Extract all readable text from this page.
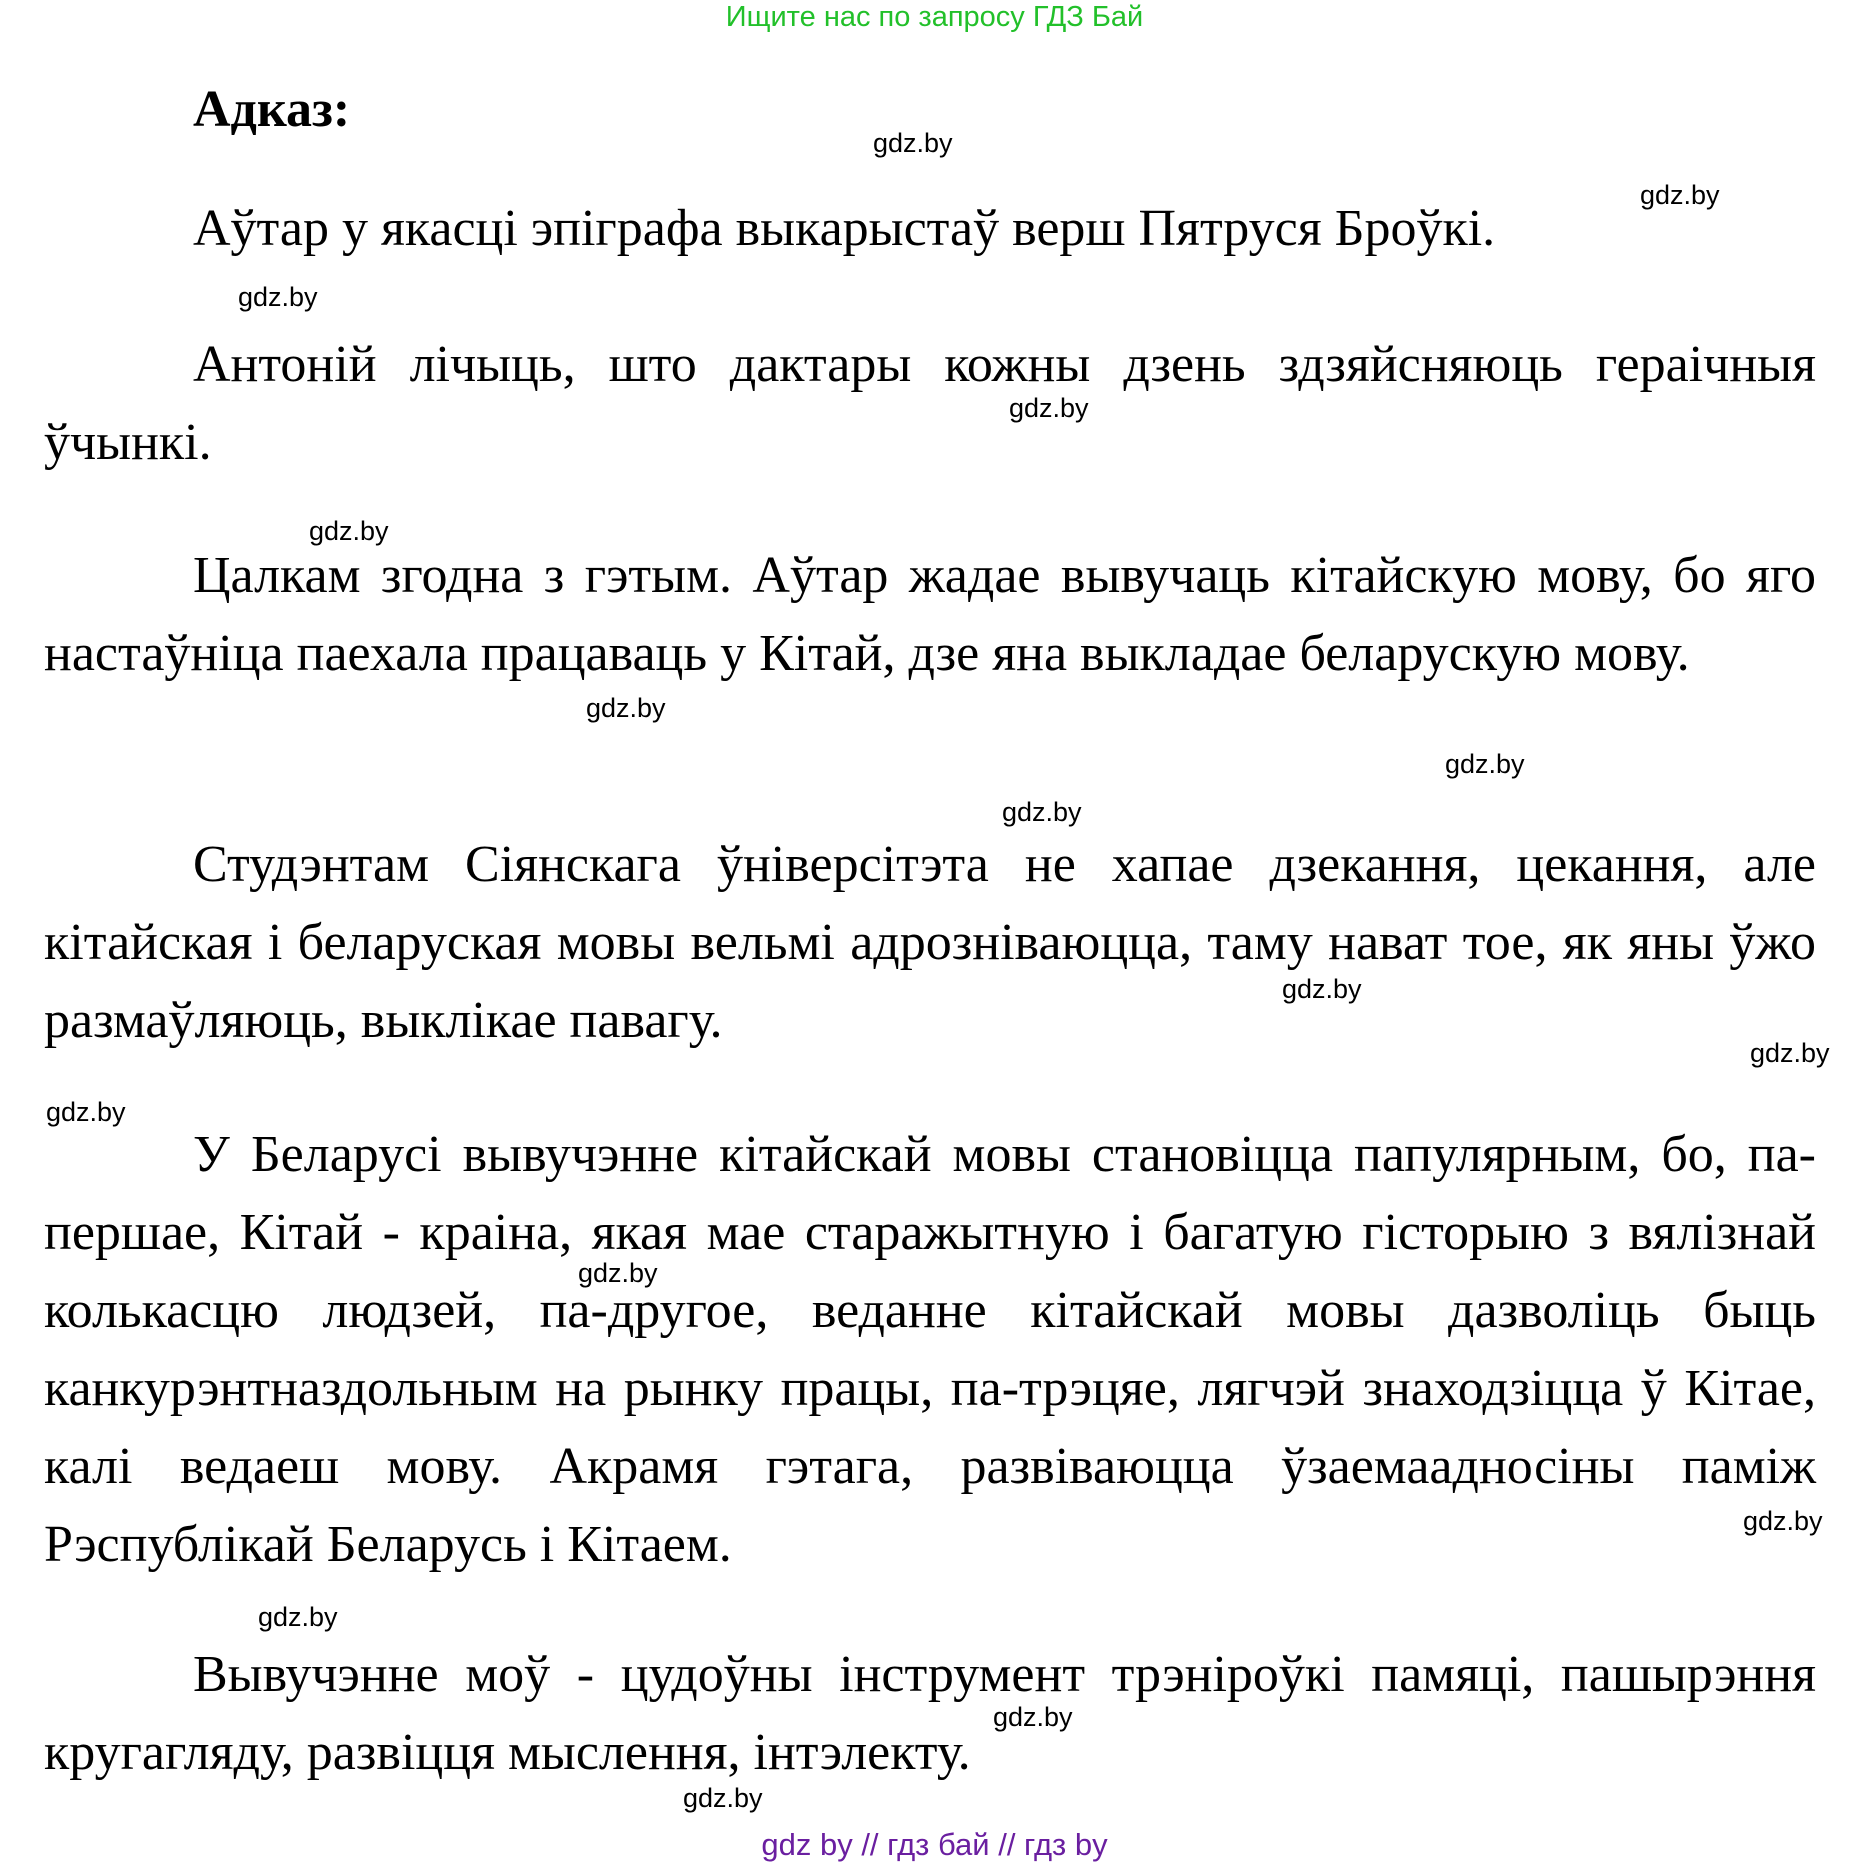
Ищите нас по запросу ГДЗ Бай
Адказ:

Аўтар у якасці эпіграфа выкарыстаў верш Пятруся Броўкі.

Антоній лічыць, што дактары кожны дзень здзяйсняюць гераічныя ўчынкі.

Цалкам згодна з гэтым. Аўтар жадае вывучаць кітайскую мову, бо яго настаўніца паехала працаваць у Кітай, дзе яна выкладае беларускую мову.

Студэнтам Сіянскага ўніверсітэта не хапае дзекання, цекання, але кітайская і беларуская мовы вельмі адрозніваюцца, таму нават тое, як яны ўжо размаўляюць, выклікае павагу.

У Беларусі вывучэнне кітайскай мовы становіцца папулярным, бо, па- першае, Кітай - краіна, якая мае старажытную і багатую гісторыю з вялізнай колькасцю людзей, па-другое, веданне кітайскай мовы дазволіць быць канкурэнтназдольным на рынку працы, па-трэцяе, лягчэй знаходзіцца ў Кітае, калі ведаеш мову. Акрамя гэтага, развіваюцца ўзаемаадносіны паміж Рэспублікай Беларусь і Кітаем.

Вывучэнне моў - цудоўны інструмент трэніроўкі памяці, пашырэння кругагляду, развіцця мыслення, інтэлекту.

gdz.by
gdz.by
gdz.by
gdz.by
gdz.by
gdz.by
gdz.by
gdz.by
gdz.by
gdz.by
gdz.by
gdz.by
gdz.by
gdz.by
gdz.by
gdz.by
gdz by // гдз бай // гдз by
